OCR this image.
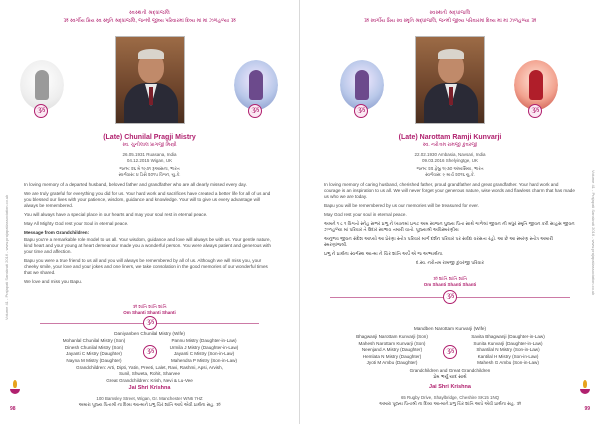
સ્વસ્થતી શ્રદ્ધાંજલિ
ૐ સ્વર્ગીય પ્રિય સ્વ સ્મૃતિ શ્રદ્ધાંજલિ, જન્મી જીવ્ય પરિવારમાં દિવ્ય માં માં ઝળહળ્યા ૐ
ૐ	ૐ
(Late) Chunilal Pragji Mistry
સ્વ. ચુનીલાલ પ્રાગજી મિસ્ત્રી
26.05.1931 Ruasana, India
04.12.2015 Wigan, UK
જન્મ: ૨૬ મે ૧૯૩૧ રૂઆસના, ભારત
સ્વર્ગવાસ: ૪ ડિસે ૨૦૧૫ વિગન, યુ.કે.

In loving memory of a departed husband, beloved father and grandfather who are all dearly missed every day.

We are truly grateful for everything you did for us. Your hard work and sacrifices have created a better life for all of us and you blessed our lives with your patience, wisdom, guidance and knowledge. Your will to give us every advantage will always be remembered.

You will always have a special place in our hearts and may your soul rest in eternal peace.

May All Mighty God rest your Soul in eternal peace.

Message from Grandchildren:

Bapu you're a remarkable role model to us all. Your wisdom, guidance and love will always be with us. Your gentle nature, kind heart and your young at heart demeanour made you a wonderful person. You were always patient and generous with your time and affection.

Bapu you were a true friend to us all and you will always be remembered by all of us. Although we will miss you, your cheeky smile, your love and your jokes and one liners, we take consolation in the good memories of our wonderful times that we shared.

We love and miss you Bapu.

ૐ શાંતિ શાંતિ શાંતિ
Om Shanti Shanti Shanti
ૐ
Daniyanben Chunilal Mistry (Wife)
Mohanlal Chunilal Mistry (Son)
Dinesh Chunilal Mistry (Son)
Jayanti C Mistry (Daughter)
Nayna M Mistry (Daughter)
Pannu Mistry (Daughter-in-Law)
Urmila J Mistry (Daughter-in-Law)
Jayanti C Mistry (Son-in-Law)
Mahendra P Mistry (Son-in-Law)
ૐ
Grandchildren: Arti, Dipti, Yatin, Preeti, Lalet, Ravi, Rashmi, Apsi, Arvish,
Sunil, Shweta, Rohit, Sharvee
Great Grandchildren: Krish, Nevi & Lu-Vee
Jai Shri Krishna
100 Bamsley Street, Wigan, Gr. Manchester WN6 7HZ
અમારા પૂજ્ય પિતાશ્રી ના દિવ્ય આત્માને પ્રભુ ચિર શાંતિ આપે એવી પ્રાર્થના સહ. ૐ
Volume 41 - Prajapati Sanskruti 2016 - www.prajapatiassociation.co.uk
98
સ્વસ્થતી શ્રદ્ધાંજલિ
ૐ સ્વર્ગીય પ્રિય સ્વ સ્મૃતિ શ્રદ્ધાંજલિ, જન્મી જીવ્ય પરિવારમાં દિવ્ય માં માં ઝળહળ્યા ૐ
ૐ	ૐ
(Late) Narottam Ramji Kunvarji
સ્વ. નરોત્તમ રામજી કુંવરજી
22.02.1930 Ambasia, Navsari, India
09.03.2016 Shelyingtge, UK
જન્મ: ૨૨ ફેબ્રુ ૧૯૩૦ અંબાસિયા, ભારત
સ્વર્ગવાસ: ૯ માર્ચ ૨૦૧૬ યુ.કે.

In loving memory of caring husband, cherished father, proud grandfather and great grandfather. Your hard work and courage is an inspiration to us all. We will never forget your generous nature, wise words and flawless charm that has made us who we are today.

Bapu you will be remembered by us our memories will be treasured for ever.

May God rest your soul in eternal peace.

અમને ૧ ૮ ૧ વિગતો સ્નેહ સભર પ્રભુ ને ધ્યાનમાં પ્રગટ અમ સ્વજન પુજ્ય પિતા સાથે ગાળેલાં જીવન ની મધુર સ્મૃતિ જીવન કરી સાહસ જીવન ઝળહળ્યા માં પરિવાર તે ઉદાર સ્વભાવ તમારી વાતો. પૂજ્યશ્રી અવિસ્મરણીય

અનુભવ જીવન સંદેશ આપ્યો આ પ્રેરણા સ્તોત્ર પરિવાર માર્ગ દર્શન પરિવાર પર સર્વદા વરસતા રહો. આ છે આ સ્મરણ સ્તોત્ર અમારી સ્મરણાંજલી.

પ્રભુ ને પ્રાર્થના સ્વર્ગસ્થ આત્મા ને ચિર શાંતિ અર્પે એ જ અભ્યર્થના.

દ.સ્વ. નરોત્તમ રામજી કુંવરજી પરિવાર

ૐ શાંતિ શાંતિ શાંતિ
Om Shanti Shanti Shanti
ૐ
Mandben Narottam Kunvarji (Wife)
Bhagwanji Narottam Kunvarji (Son)
Mahesh Narottam Kunvarji (Son)
Neenjand A Mistry (Daughter)
Hemlata N Mistry (Daughter)
Jyoti M Ambu (Daughter)
Savita Bhagwanji (Daughter-in-Law)
Sunita Kunvarji (Daughter-in-Law)
Shantilal N Mistry (Son-in-Law)
Kantilal H Mistry (Son-in-Law)
Mahesh G Ambu (Son-in-Law)
ૐ
Grandchildren and Great Grandchildren
પ્રેમ ભર્યું યાદ સાથે
Jai Shri Krishna
65 Rugby Drive, Shaylbridge, Cheshire SK15 1NQ
અમારા પૂજ્ય પિતાશ્રી ના દિવ્ય આત્માને પ્રભુ ચિર શાંતિ આપે એવી પ્રાર્થના સહ. ૐ
Volume 41 - Prajapati Sanskruti 2016 - www.prajapatiassociation.co.uk
99
